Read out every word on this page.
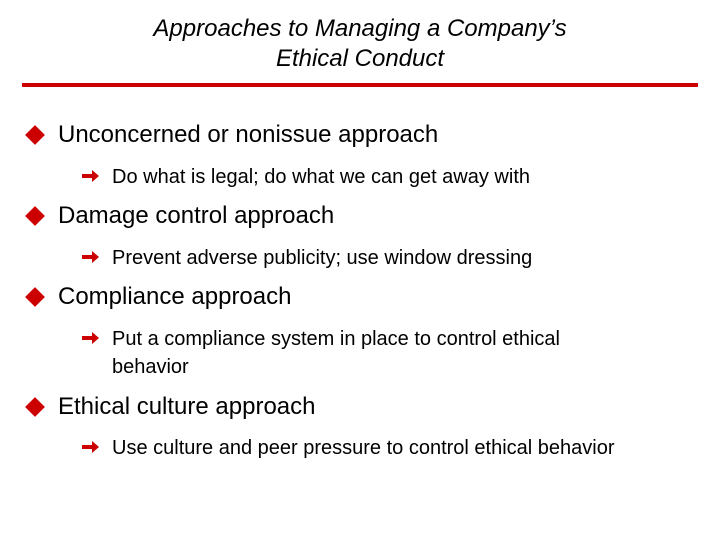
Approaches to Managing a Company’s
Ethical Conduct
Unconcerned or nonissue approach
Do what is legal; do what we can get away with
Damage control approach
Prevent adverse publicity; use window dressing
Compliance approach
Put a compliance system in place to control ethical behavior
Ethical culture approach
Use culture and peer pressure to control ethical behavior
